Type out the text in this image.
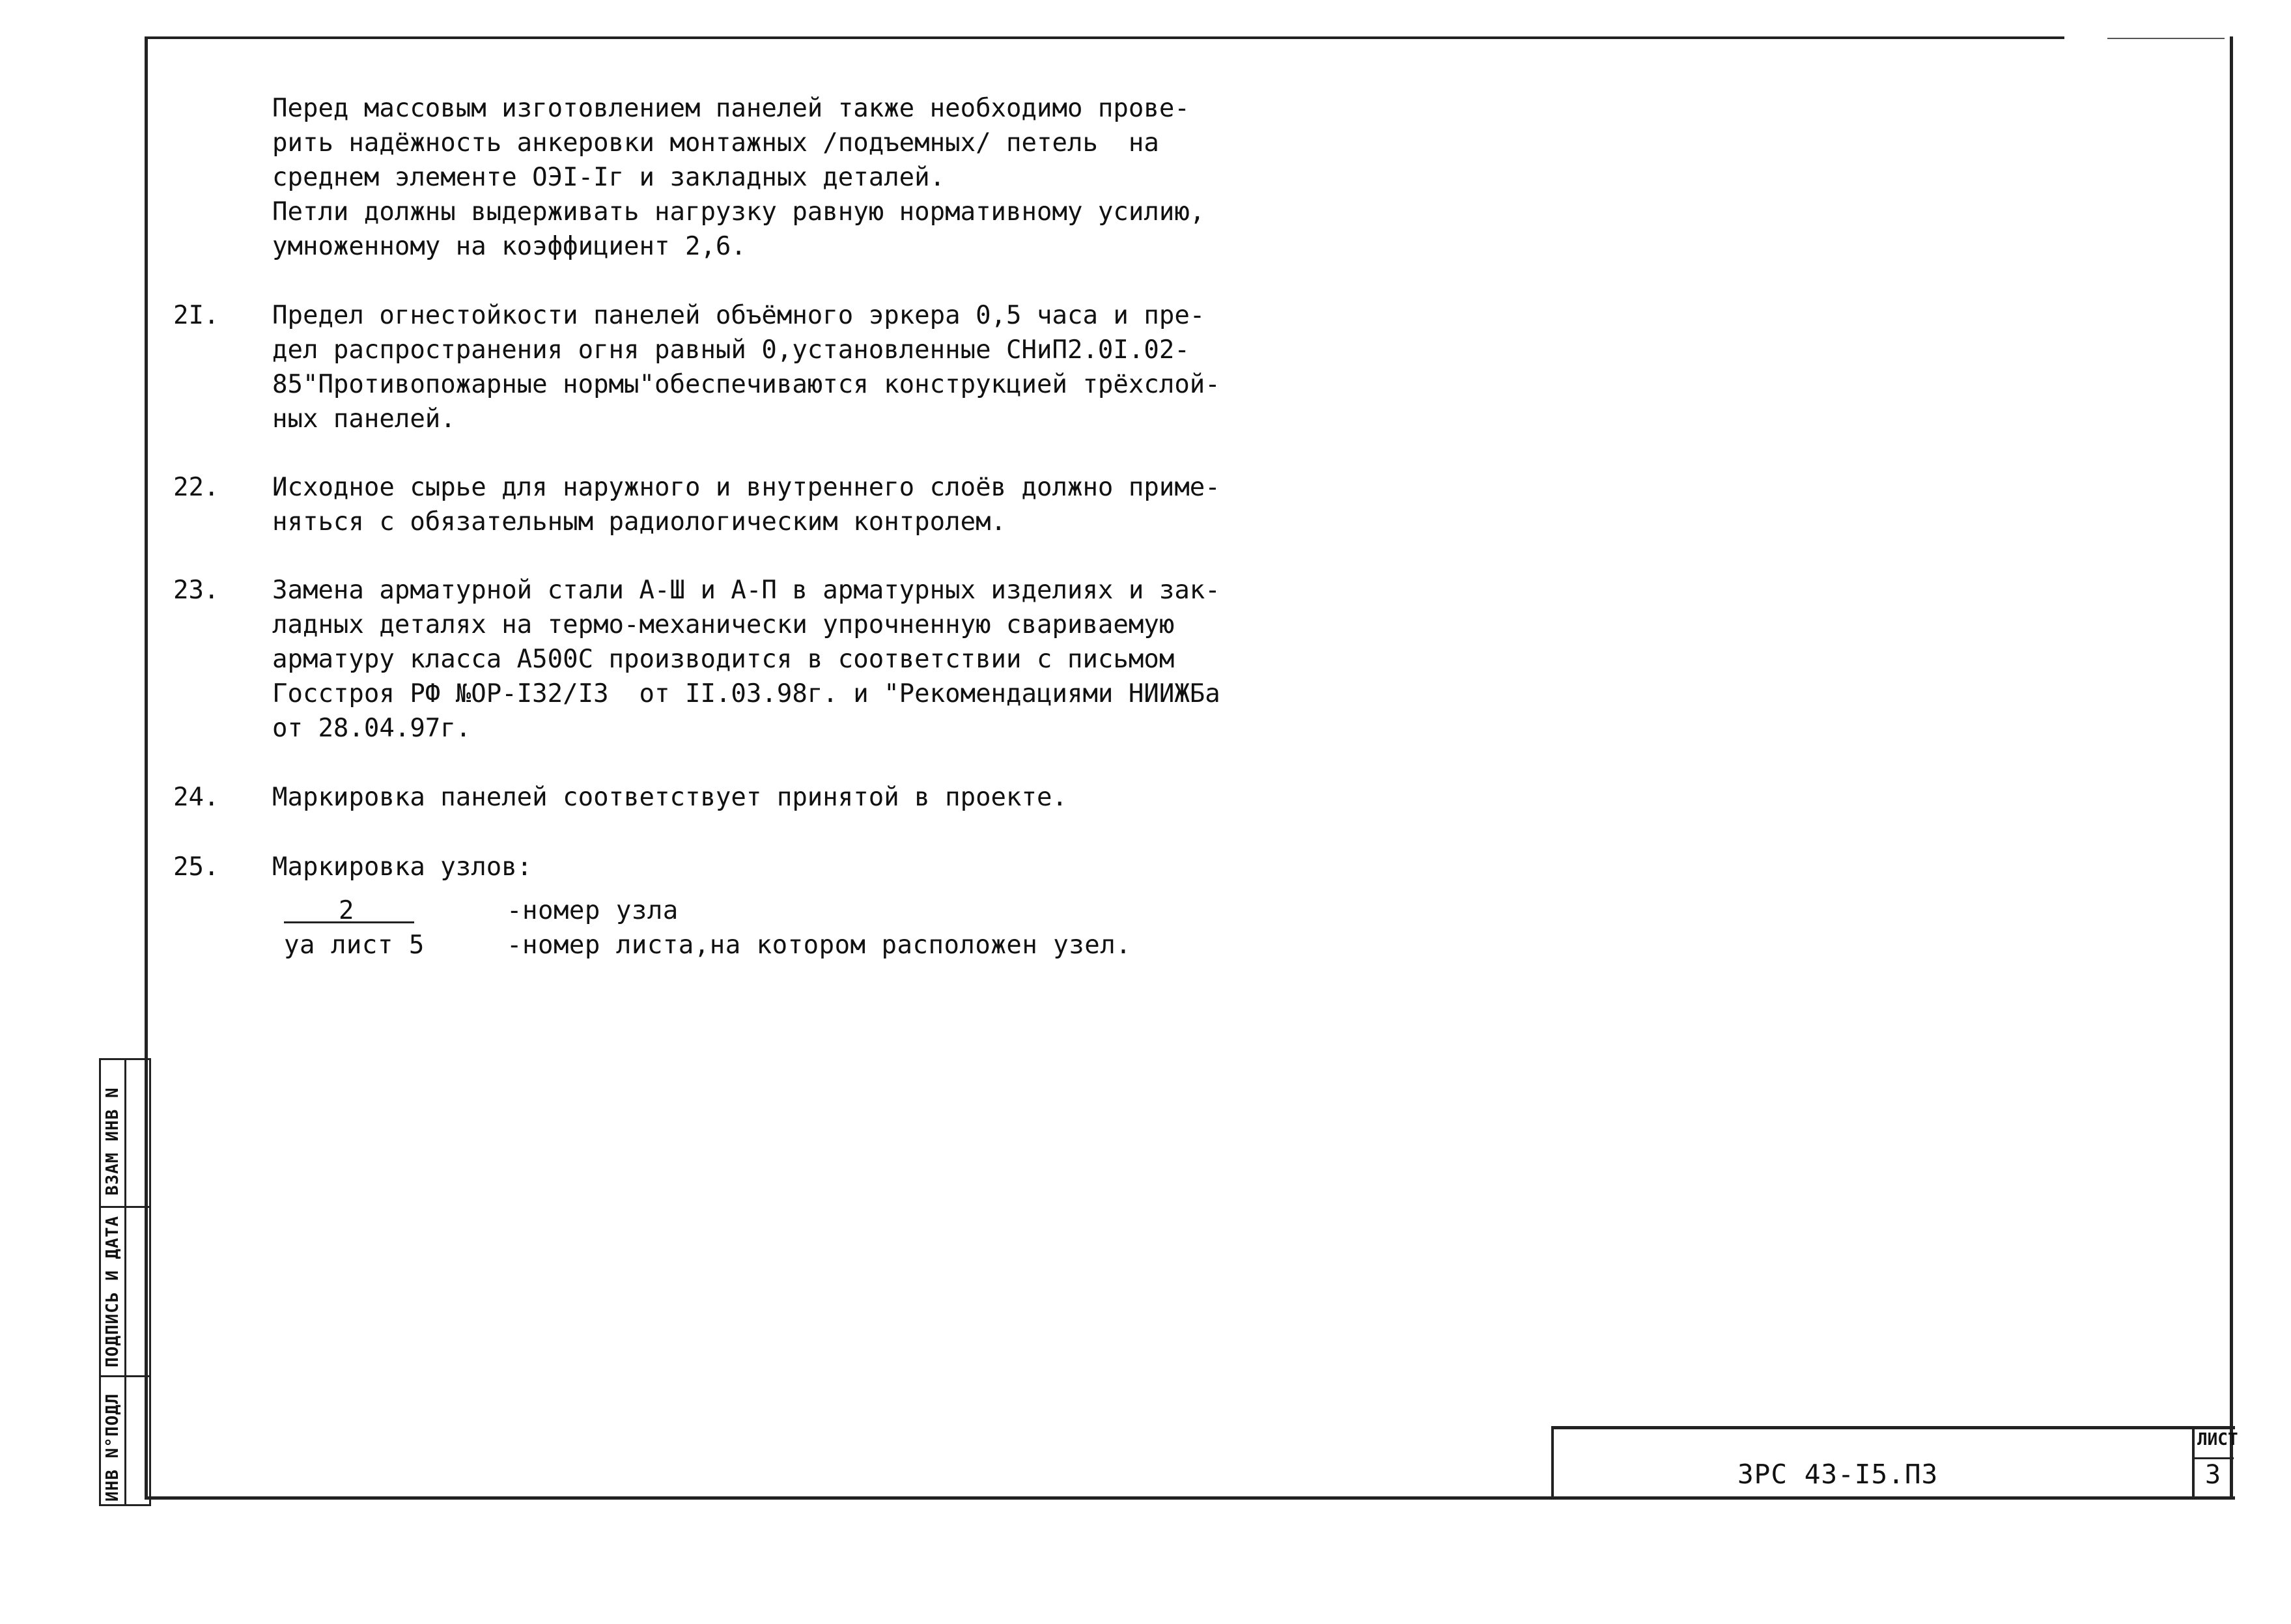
Перед массовым изготовлением панелей также необходимо прове-
рить надёжность анкеровки монтажных /подъемных/ петель  на
среднем элементе ОЭI-Iг и закладных деталей.
Петли должны выдерживать нагрузку равную нормативному усилию,
умноженному на коэффициент 2,6.
2I. Предел огнестойкости панелей объёмного эркера 0,5 часа и пре-
дел распространения огня равный 0,установленные СНиП2.0I.02-
85"Противопожарные нормы"обеспечиваются конструкцией трёхслой-
ных панелей.
22. Исходное сырье для наружного и внутреннего слоёв должно приме-
няться с обязательным радиологическим контролем.
23. Замена арматурной стали А-Ш и А-П в арматурных изделиях и зак-
ладных деталях на термо-механически упрочненную свариваемую
арматуру класса А500С производится в соответствии с письмом
Госстроя РФ №ОР-I32/I3  от II.03.98г. и "Рекомендациями НИИЖБа
от 28.04.97г.
24. Маркировка панелей соответствует принятой в проекте.
25. Маркировка узлов:
2
уа лист 5
-номер узла
-номер листа,на котором расположен узел.
ВЗАМ ИНВ N
ПОДПИСЬ И ДАТА
ИНВ N°ПОДЛ	ЗРС 43-I5.ПЗ
ЛИСТ
3
